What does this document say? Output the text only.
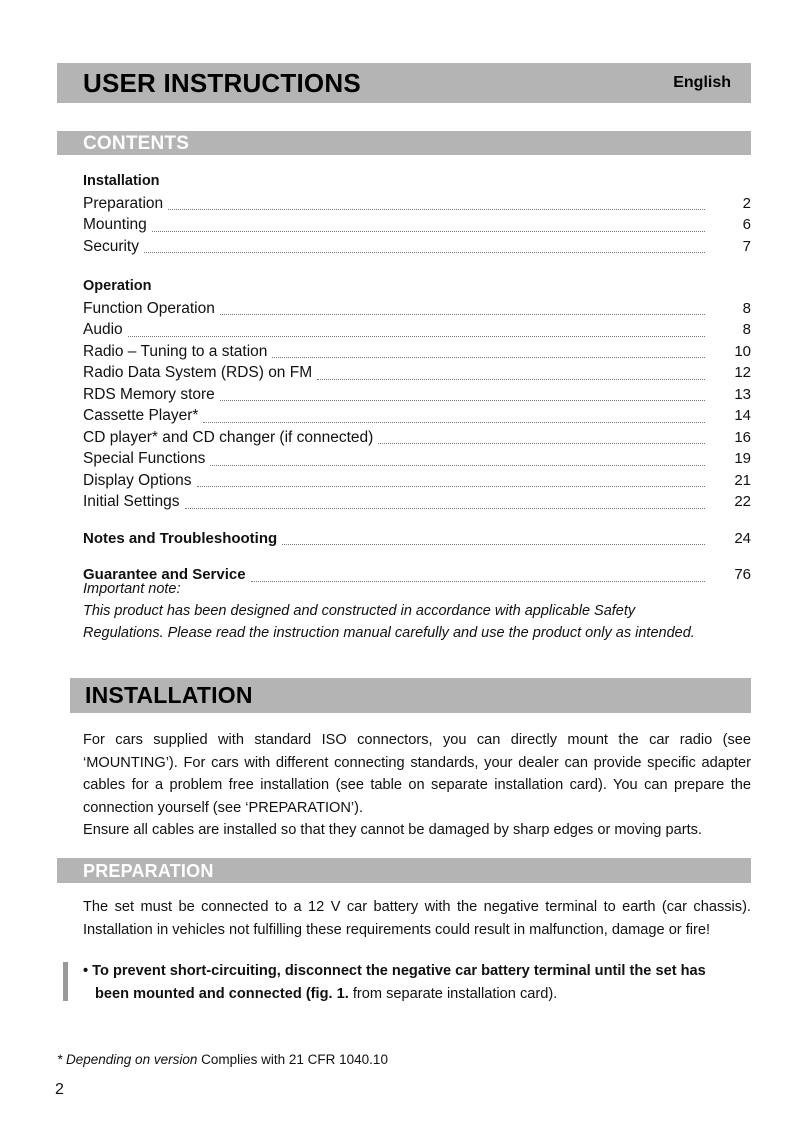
USER INSTRUCTIONS	English
CONTENTS
Installation
Preparation	2
Mounting	6
Security	7
Operation
Function Operation	8
Audio	8
Radio – Tuning to a station	10
Radio Data System (RDS) on FM	12
RDS Memory store	13
Cassette Player*	14
CD player* and CD changer (if connected)	16
Special Functions	19
Display Options	21
Initial Settings	22
Notes and Troubleshooting	24
Guarantee and Service	76
Important note:
This product has been designed and constructed in accordance with applicable Safety
Regulations. Please read the instruction manual carefully and use the product only as intended.
INSTALLATION
For cars supplied with standard ISO connectors, you can directly mount the car radio (see ‘MOUNTING’). For cars with different connecting standards, your dealer can provide specific adapter cables for a problem free installation (see table on separate installation card). You can prepare the connection yourself (see ‘PREPARATION’).
Ensure all cables are installed so that they cannot be damaged by sharp edges or moving parts.
PREPARATION
The set must be connected to a 12 V car battery with the negative terminal to earth (car chassis). Installation in vehicles not fulfilling these requirements could result in malfunction, damage or fire!
• To prevent short-circuiting, disconnect the negative car battery terminal until the set has
been mounted and connected (fig. 1. from separate installation card).
* Depending on version Complies with 21 CFR 1040.10
2
